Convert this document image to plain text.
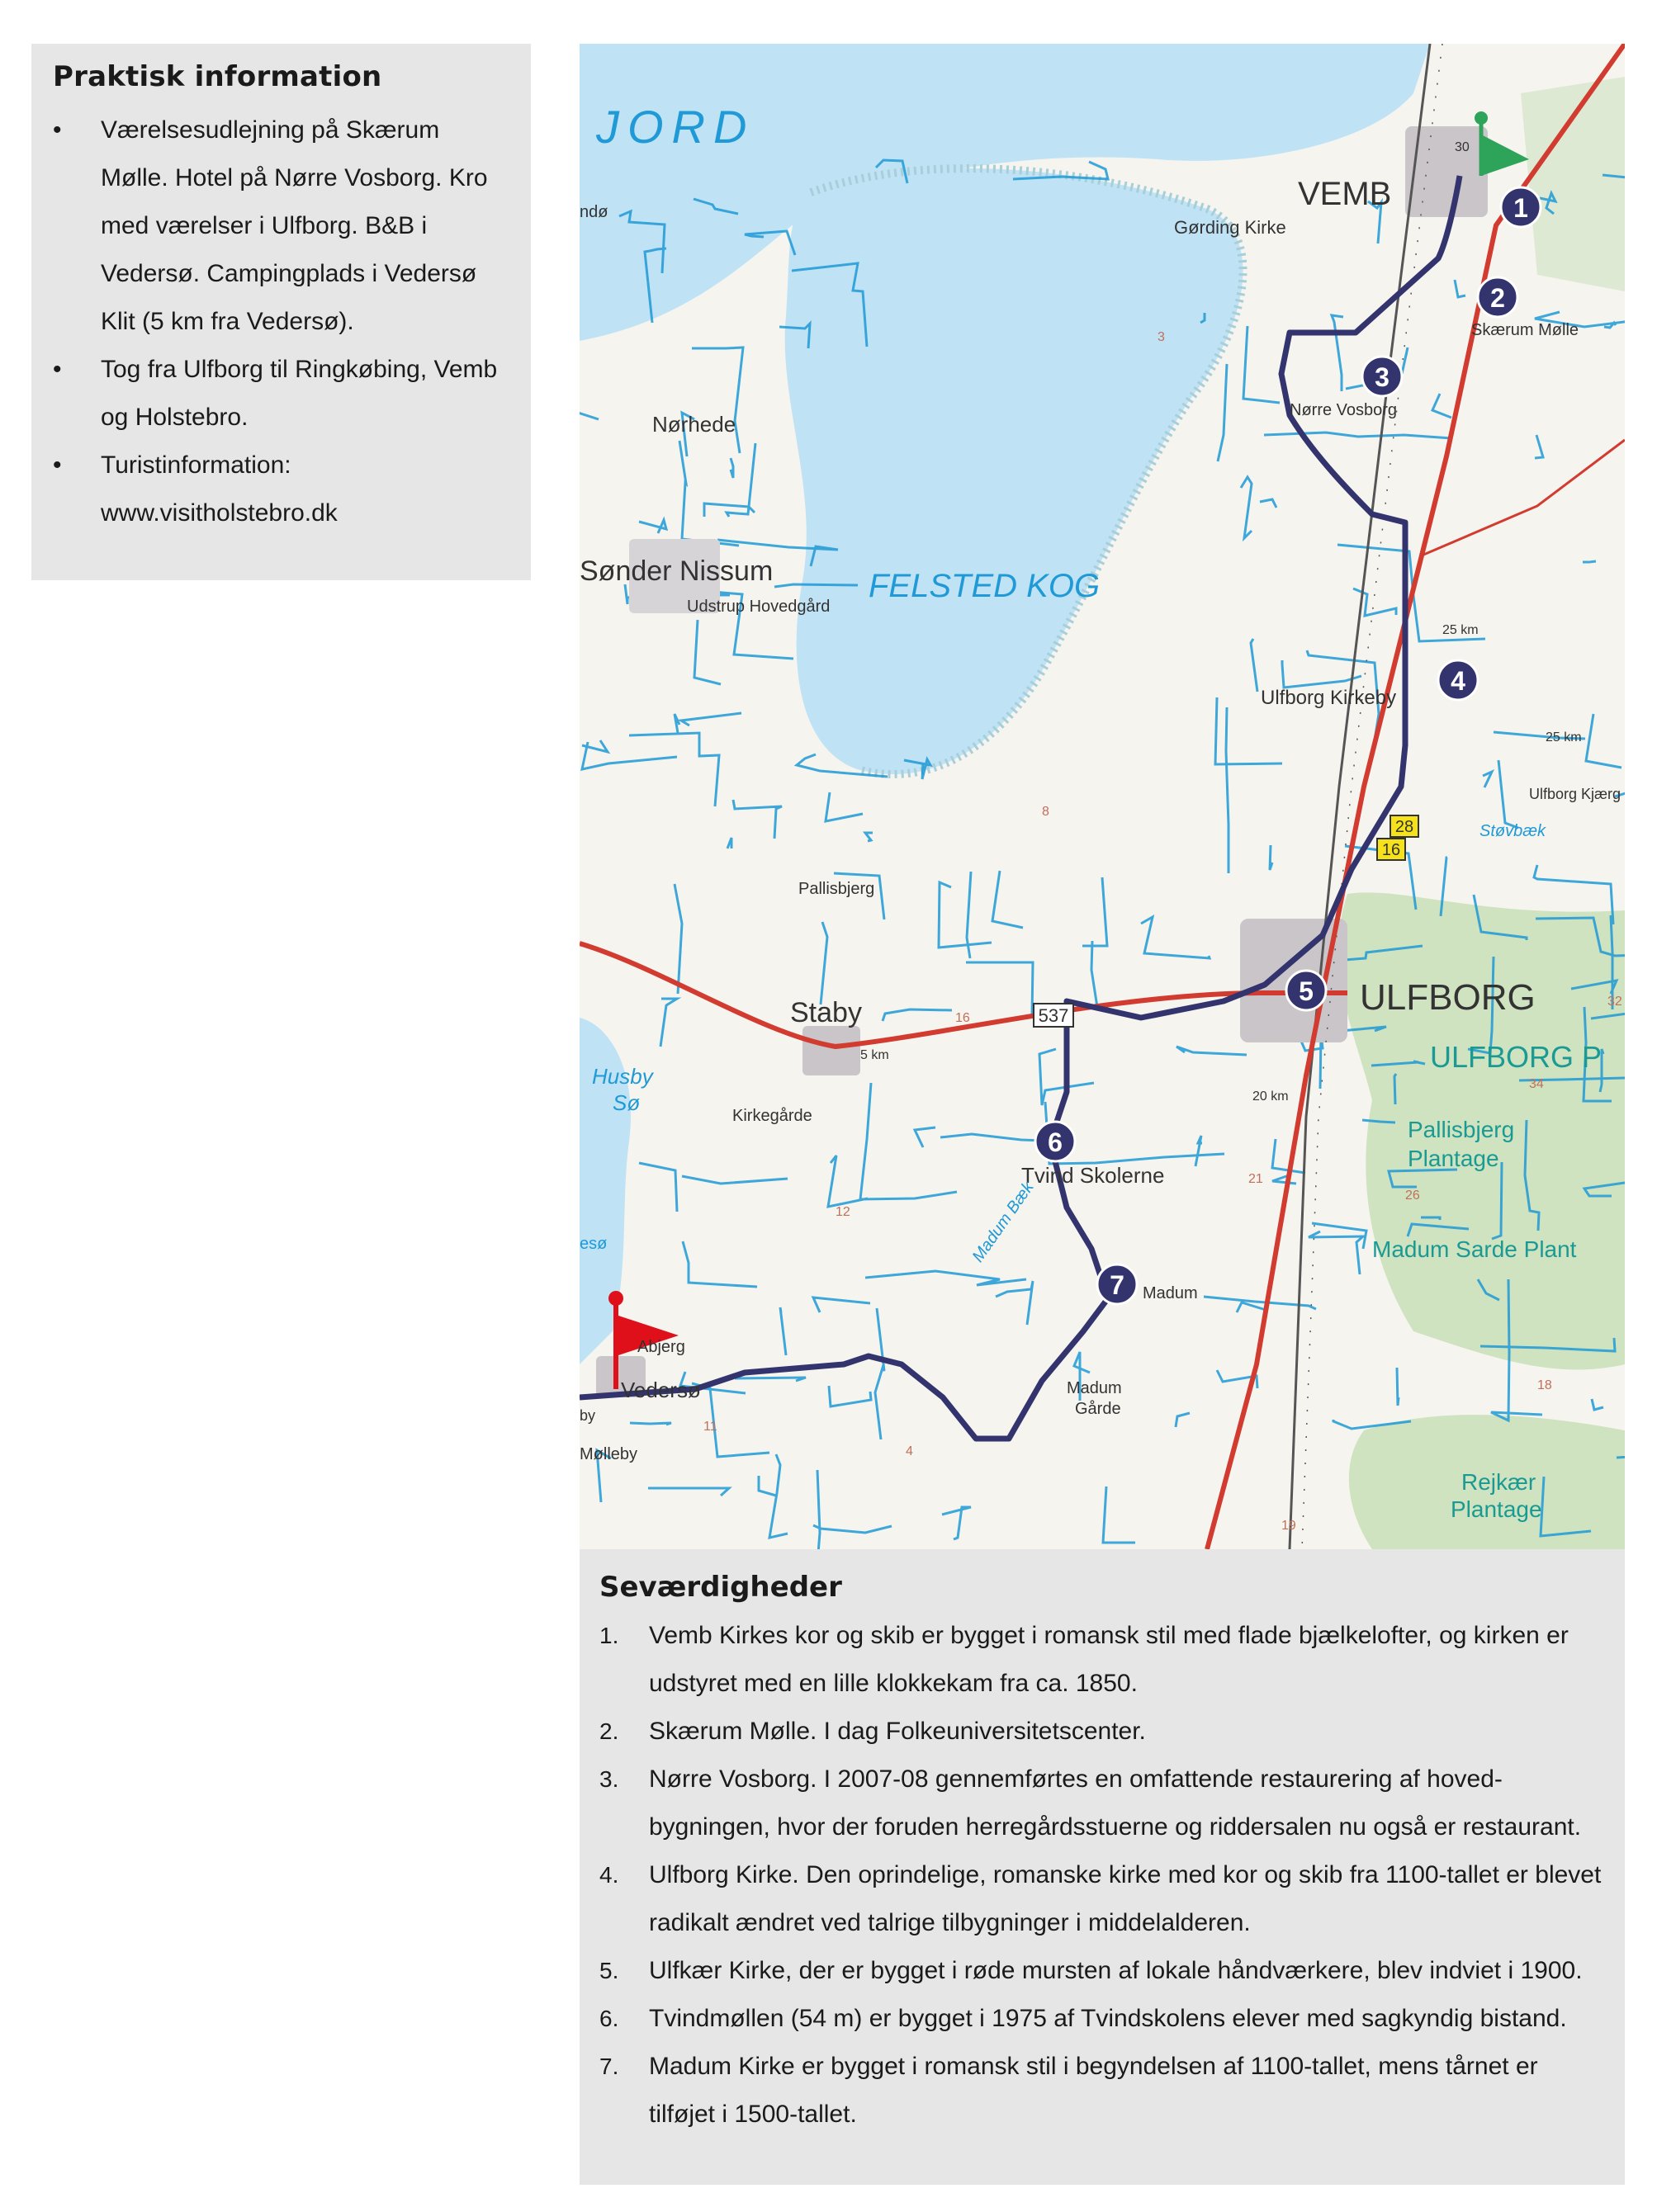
Praktisk information
• Værelsesudlejning på Skærum Mølle. Hotel på Nørre Vosborg. Kro med værelser i Ulfborg. B&B i Vedersø. Campingplads i Vedersø Klit (5 km fra Vedersø).
• Tog fra Ulfborg til Ringkøbing, Vemb og Holstebro.
• Turistinformation: www.visitholstebro.dk
1
2
3
4
5
6
7
537
28
16
JORD
FELSTED KOG
ndø	VEMB
Gørding Kirke
Skærum Mølle
Nørre Vosborg
Nørhede
Sønder Nissum
Udstrup Hovedgård
Ulfborg Kirkeby
ULFBORG
ULFBORG P
Ulfborg Kjærg
Støvbæk
Pallisbjerg
Pallisbjerg
Plantage
Staby
Husby
Sø
Kirkegårde
Tvind Skolerne
Madum Bæk
Madum
Madum Sarde Plant
Madum
Gårde
Abjerg
Vedersø
Mølleby
by
esø
Rejkær
Plantage
5 km
20 km
25 km
25 km
30
32
34
21
26
16
12
11
4
8
3
19
18
Seværdigheder
1. Vemb Kirkes kor og skib er bygget i romansk stil med flade bjælkelofter, og kirken er udstyret med en lille klokkekam fra ca. 1850.
2. Skærum Mølle. I dag Folkeuniversitetscenter.
3. Nørre Vosborg. I 2007-08 gennemførtes en omfattende restaurering af hovedbygningen, hvor der foruden herregårdsstuerne og riddersalen nu også er restaurant.
4. Ulfborg Kirke. Den oprindelige, romanske kirke med kor og skib fra 1100-tallet er blevet radikalt ændret ved talrige tilbygninger i middelalderen.
5. Ulfkær Kirke, der er bygget i røde mursten af lokale håndværkere, blev indviet i 1900.
6. Tvindmøllen (54 m) er bygget i 1975 af Tvindskolens elever med sagkyndig bistand.
7. Madum Kirke er bygget i romansk stil i begyndelsen af 1100-tallet, mens tårnet er tilføjet i 1500-tallet.
